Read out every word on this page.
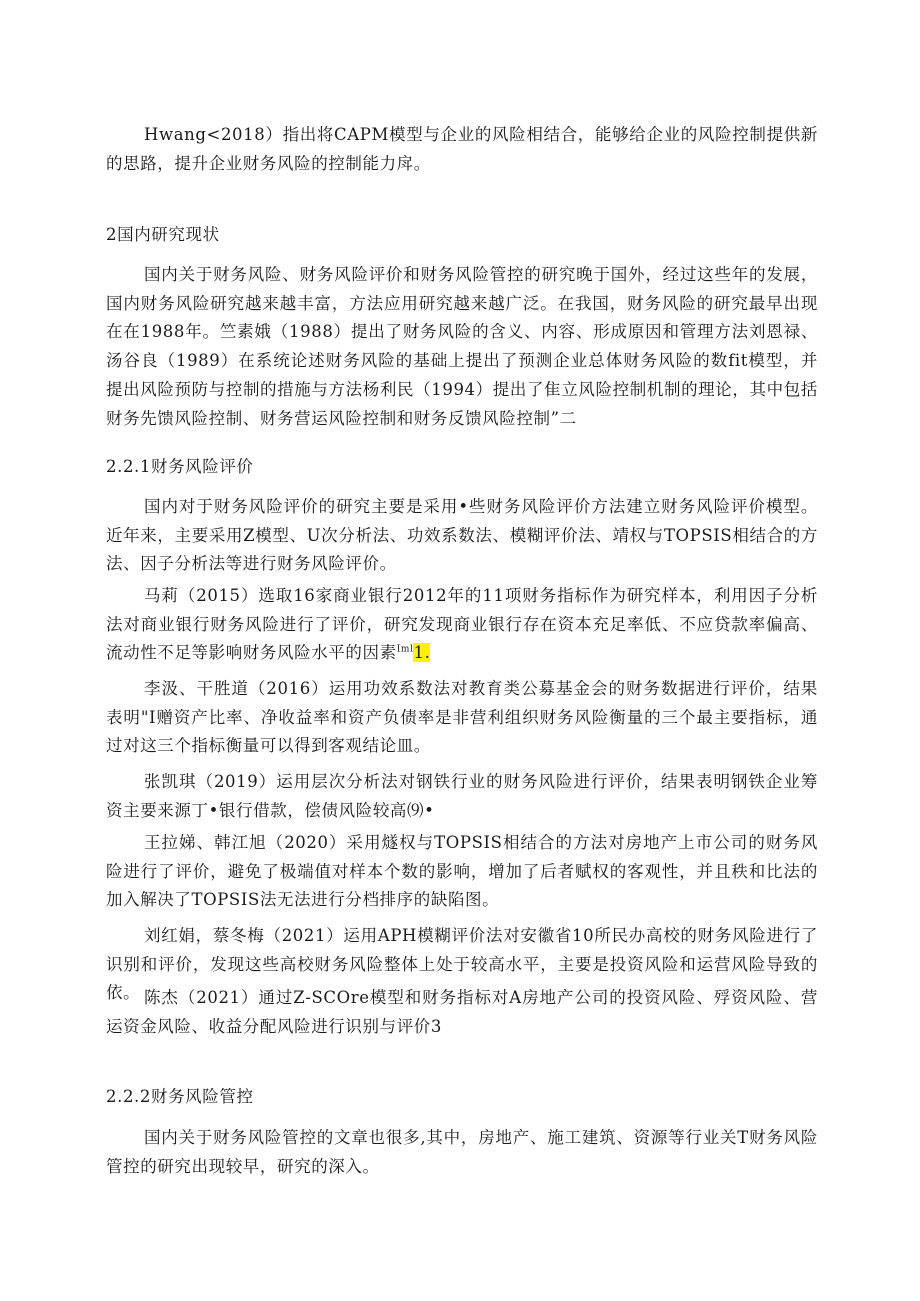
Hwang<2018）指出将CAPM模型与企业的风险相结合，能够给企业的风险控制提供新的思路，提升企业财务风险的控制能力戽。

2国内研究现状

国内关于财务风险、财务风险评价和财务风险管控的研究晚于国外，经过这些年的发展，国内财务风险研究越来越丰富，方法应用研究越来越广泛。在我国，财务风险的研究最早出现在在1988年。竺素娥（1988）提出了财务风险的含义、内容、形成原因和管理方法刘恩禄、汤谷良（1989）在系统论述财务风险的基础上提出了预测企业总体财务风险的数fit模型，并提出风险预防与控制的措施与方法杨利民（1994）提出了隹立风险控制机制的理论，其中包括财务先馈风险控制、财务营运风险控制和财务反馈风险控制”二

2.2.1财务风险评价

国内对于财务风险评价的研究主要是采用•些财务风险评价方法建立财务风险评价模型。近年来，主要采用Z模型、U次分析法、功效系数法、模糊评价法、靖权与TOPSIS相结合的方法、因子分析法等进行财务风险评价。

马莉（2015）选取16家商业银行2012年的11项财务指标作为研究样本，利用因子分析法对商业银行财务风险进行了评价，研究发现商业银行存在资本充足率低、不应贷款率偏高、流动性不足等影响财务风险水平的因素$^{Iml}$1.

李汲、干胜道（2016）运用功效系数法对教育类公募基金会的财务数据进行评价，结果表明"I赠资产比率、净收益率和资产负债率是非营利组织财务风险衡量的三个最主要指标，通过对这三个指标衡量可以得到客观结论皿。

张凯琪（2019）运用层次分析法对钢铁行业的财务风险进行评价，结果表明钢铁企业筹资主要来源丁•银行借款，偿债风险较高⑼•

王拉娣、韩江旭（2020）采用燧权与TOPSIS相结合的方法对房地产上市公司的财务风险进行了评价，避免了极端值对样本个数的影响，增加了后者赋权的客观性，并且秩和比法的加入解决了TOPSIS法无法进行分档排序的缺陷图。

刘红娟，蔡冬梅（2021）运用APH模糊评价法对安徽省10所民办高校的财务风险进行了识别和评价，发现这些高校财务风险整体上处于较高水平，主要是投资风险和运营风险导致的依。 陈杰（2021）通过Z-SCOre模型和财务指标对A房地产公司的投资风险、殍资风险、营运资金风险、收益分配风险进行识别与评价3

2.2.2财务风险管控

国内关于财务风险管控的文章也很多,其中，房地产、施工建筑、资源等行业关T财务风险管控的研究出现较早，研究的深入。
